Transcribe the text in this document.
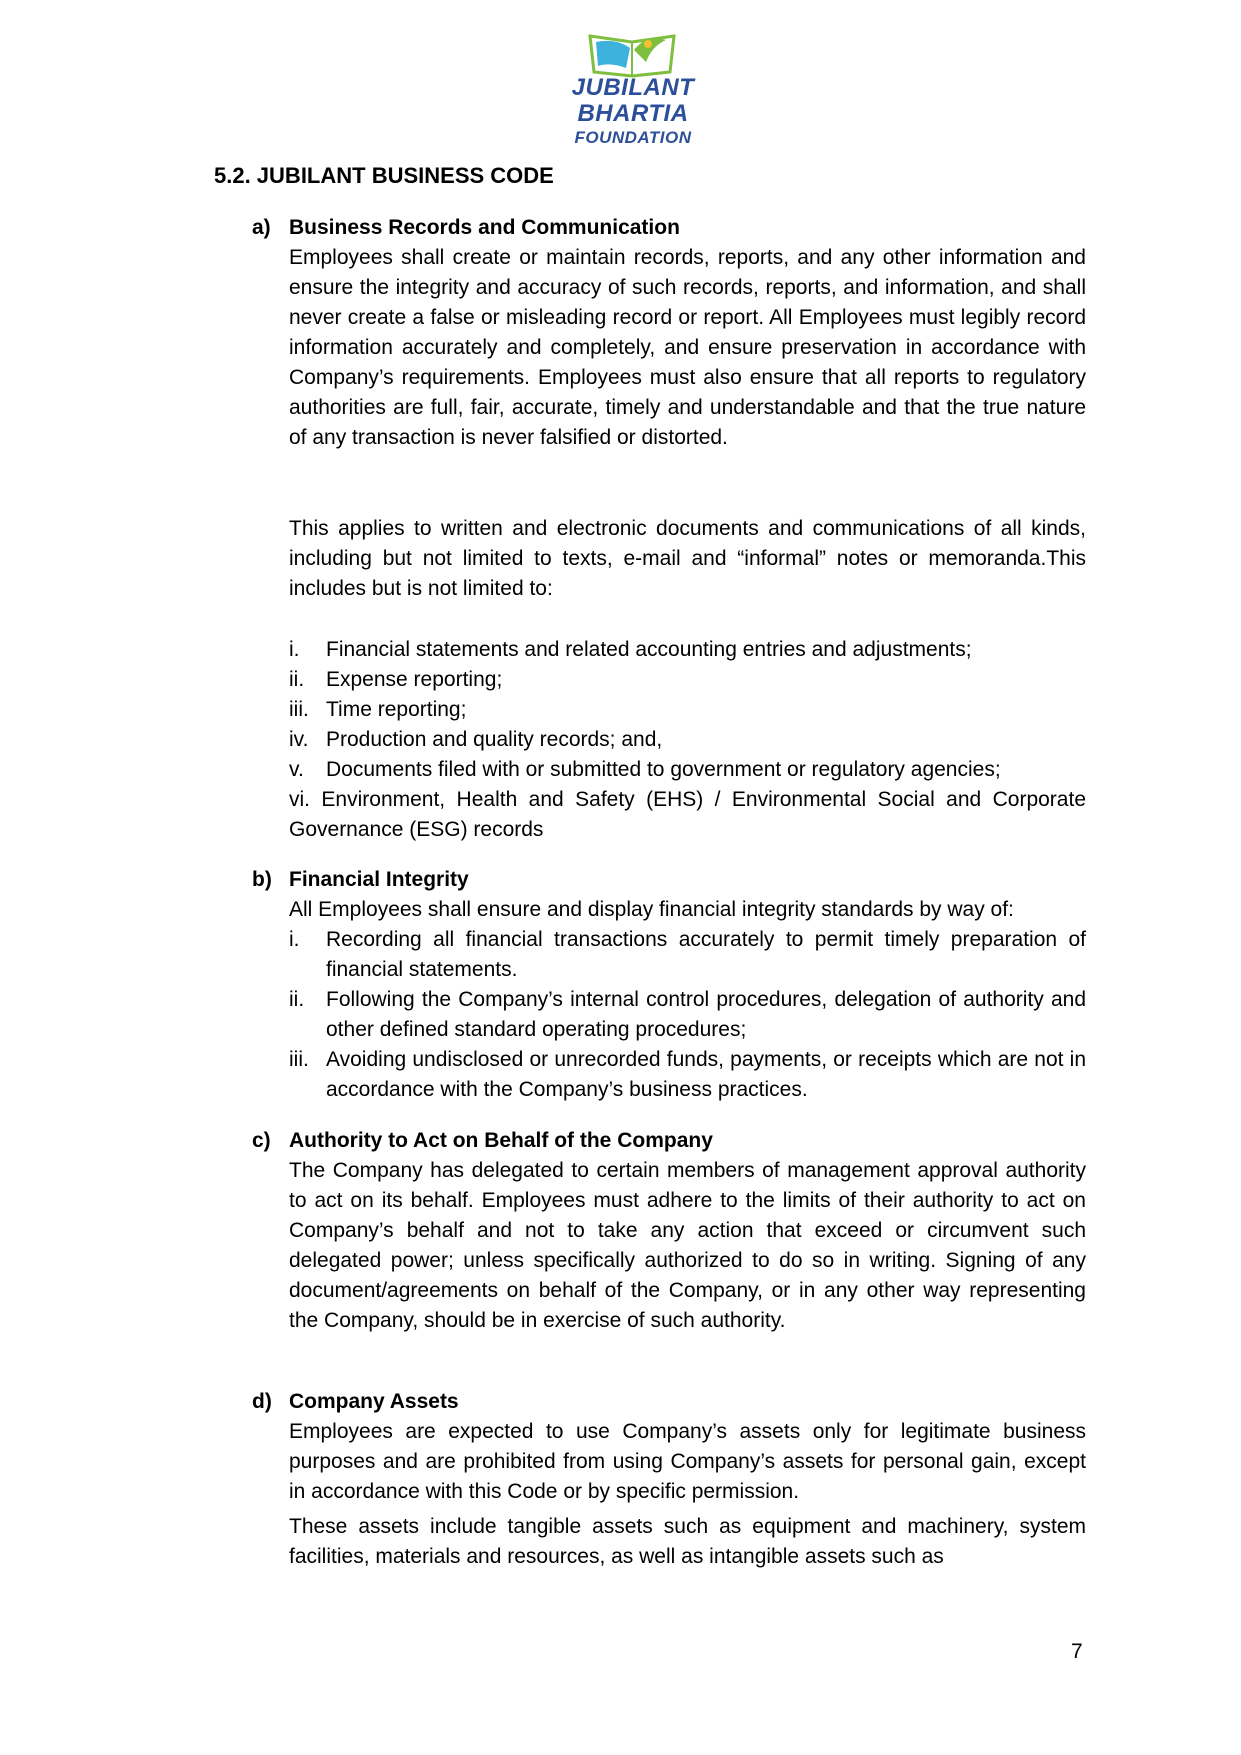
JUBILANT
BHARTIA
FOUNDATION
5.2. JUBILANT BUSINESS CODE
a) Business Records and Communication
Employees shall create or maintain records, reports, and any other information and ensure the integrity and accuracy of such records, reports, and information, and shall never create a false or misleading record or report. All Employees must legibly record information accurately and completely, and ensure preservation in accordance with Company’s requirements. Employees must also ensure that all reports to regulatory authorities are full, fair, accurate, timely and understandable and that the true nature of any transaction is never falsified or distorted.
This applies to written and electronic documents and communications of all kinds, including but not limited to texts, e-mail and “informal” notes or memoranda.This includes but is not limited to:
i. Financial statements and related accounting entries and adjustments;
ii. Expense reporting;
iii. Time reporting;
iv. Production and quality records; and,
v. Documents filed with or submitted to government or regulatory agencies;
vi. Environment, Health and Safety (EHS) / Environmental Social and Corporate Governance (ESG) records
b) Financial Integrity
All Employees shall ensure and display financial integrity standards by way of:
i. Recording all financial transactions accurately to permit timely preparation of financial statements.
ii. Following the Company’s internal control procedures, delegation of authority and other defined standard operating procedures;
iii. Avoiding undisclosed or unrecorded funds, payments, or receipts which are not in accordance with the Company’s business practices.
c) Authority to Act on Behalf of the Company
The Company has delegated to certain members of management approval authority to act on its behalf. Employees must adhere to the limits of their authority to act on Company’s behalf and not to take any action that exceed or circumvent such delegated power; unless specifically authorized to do so in writing. Signing of any document/agreements on behalf of the Company, or in any other way representing the Company, should be in exercise of such authority.
d) Company Assets
Employees are expected to use Company’s assets only for legitimate business purposes and are prohibited from using Company’s assets for personal gain, except in accordance with this Code or by specific permission.
These assets include tangible assets such as equipment and machinery, system facilities, materials and resources, as well as intangible assets such as
7
